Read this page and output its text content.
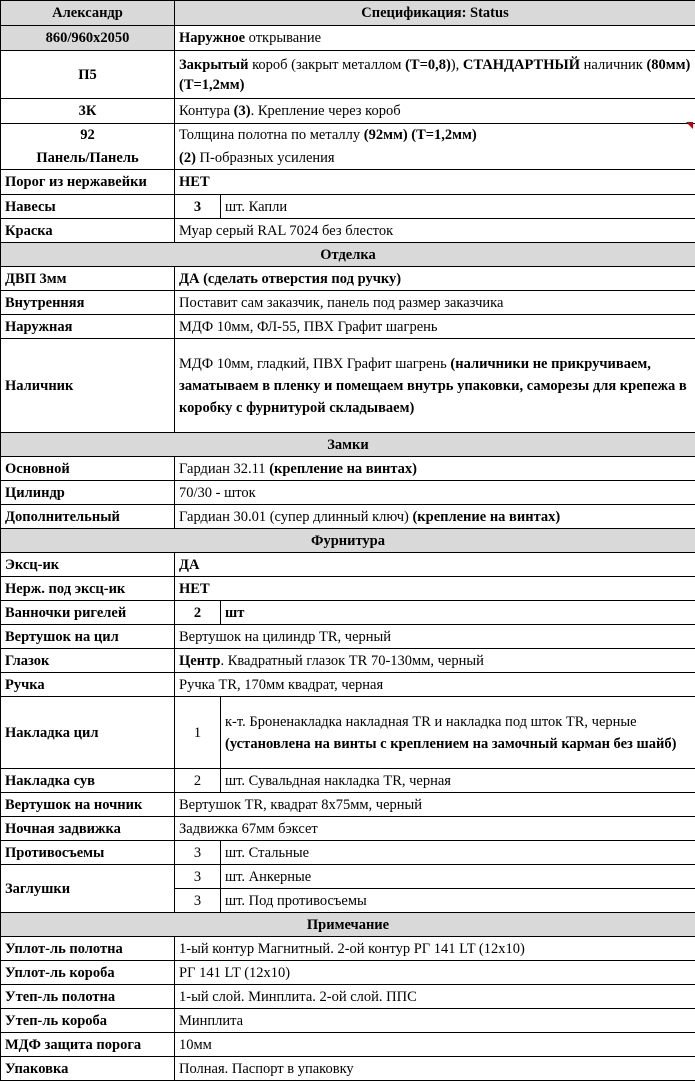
Александр	Спецификация: Status	
860/960х2050	Наружное открывание	
П5	Закрытый короб (закрыт металлом (Т=0,8)), СТАНДАРТНЫЙ наличник (80мм) (Т=1,2мм)	
3К	Контура (3). Крепление через короб	
92	Толщина полотна по металлу (92мм) (Т=1,2мм)	
Панель/Панель	(2) П-образных усиления	
Порог из нержавейки	НЕТ	
Навесы	3	шт. Капли
Краска	Муар серый RAL 7024 без блесток	
Отделка		
ДВП 3мм	ДА (сделать отверстия под ручку)	
Внутренняя	Поставит сам заказчик, панель под размер заказчика	
Наружная	МДФ 10мм, ФЛ-55, ПВХ Графит шагрень	
Наличник	МДФ 10мм, гладкий, ПВХ Графит шагрень (наличники не прикручиваем, заматываем в пленку и помещаем внутрь упаковки, саморезы для крепежа в коробку с фурнитурой складываем)	
Замки		
Основной	Гардиан 32.11 (крепление на винтах)	
Цилиндр	70/30 - шток	
Дополнительный	Гардиан 30.01 (супер длинный ключ) (крепление на винтах)	
Фурнитура		
Эксц-ик	ДА	
Нерж. под эксц-ик	НЕТ	
Ванночки ригелей	2	шт
Вертушок на цил	Вертушок на цилиндр TR, черный	
Глазок	Центр. Квадратный глазок TR 70-130мм, черный	
Ручка	Ручка TR, 170мм квадрат, черная	
Накладка цил	1	к-т. Броненакладка накладная TR и накладка под шток TR, черные (установлена на винты с креплением на замочный карман без шайб)
Накладка сув	2	шт. Сувальдная накладка TR, черная
Вертушок на ночник	Вертушок TR, квадрат 8х75мм, черный	
Ночная задвижка	Задвижка 67мм бэксет	
Противосъемы	3	шт. Стальные
Заглушки	3	шт. Анкерные
	3	шт. Под противосъемы
Примечание		
Уплот-ль полотна	1-ый контур Магнитный. 2-ой контур РГ 141 LT (12х10)	
Уплот-ль короба	РГ 141 LT (12х10)	
Утеп-ль полотна	1-ый слой. Минплита. 2-ой слой. ППС	
Утеп-ль короба	Минплита	
МДФ защита порога	10мм	
Упаковка	Полная. Паспорт в упаковку	
